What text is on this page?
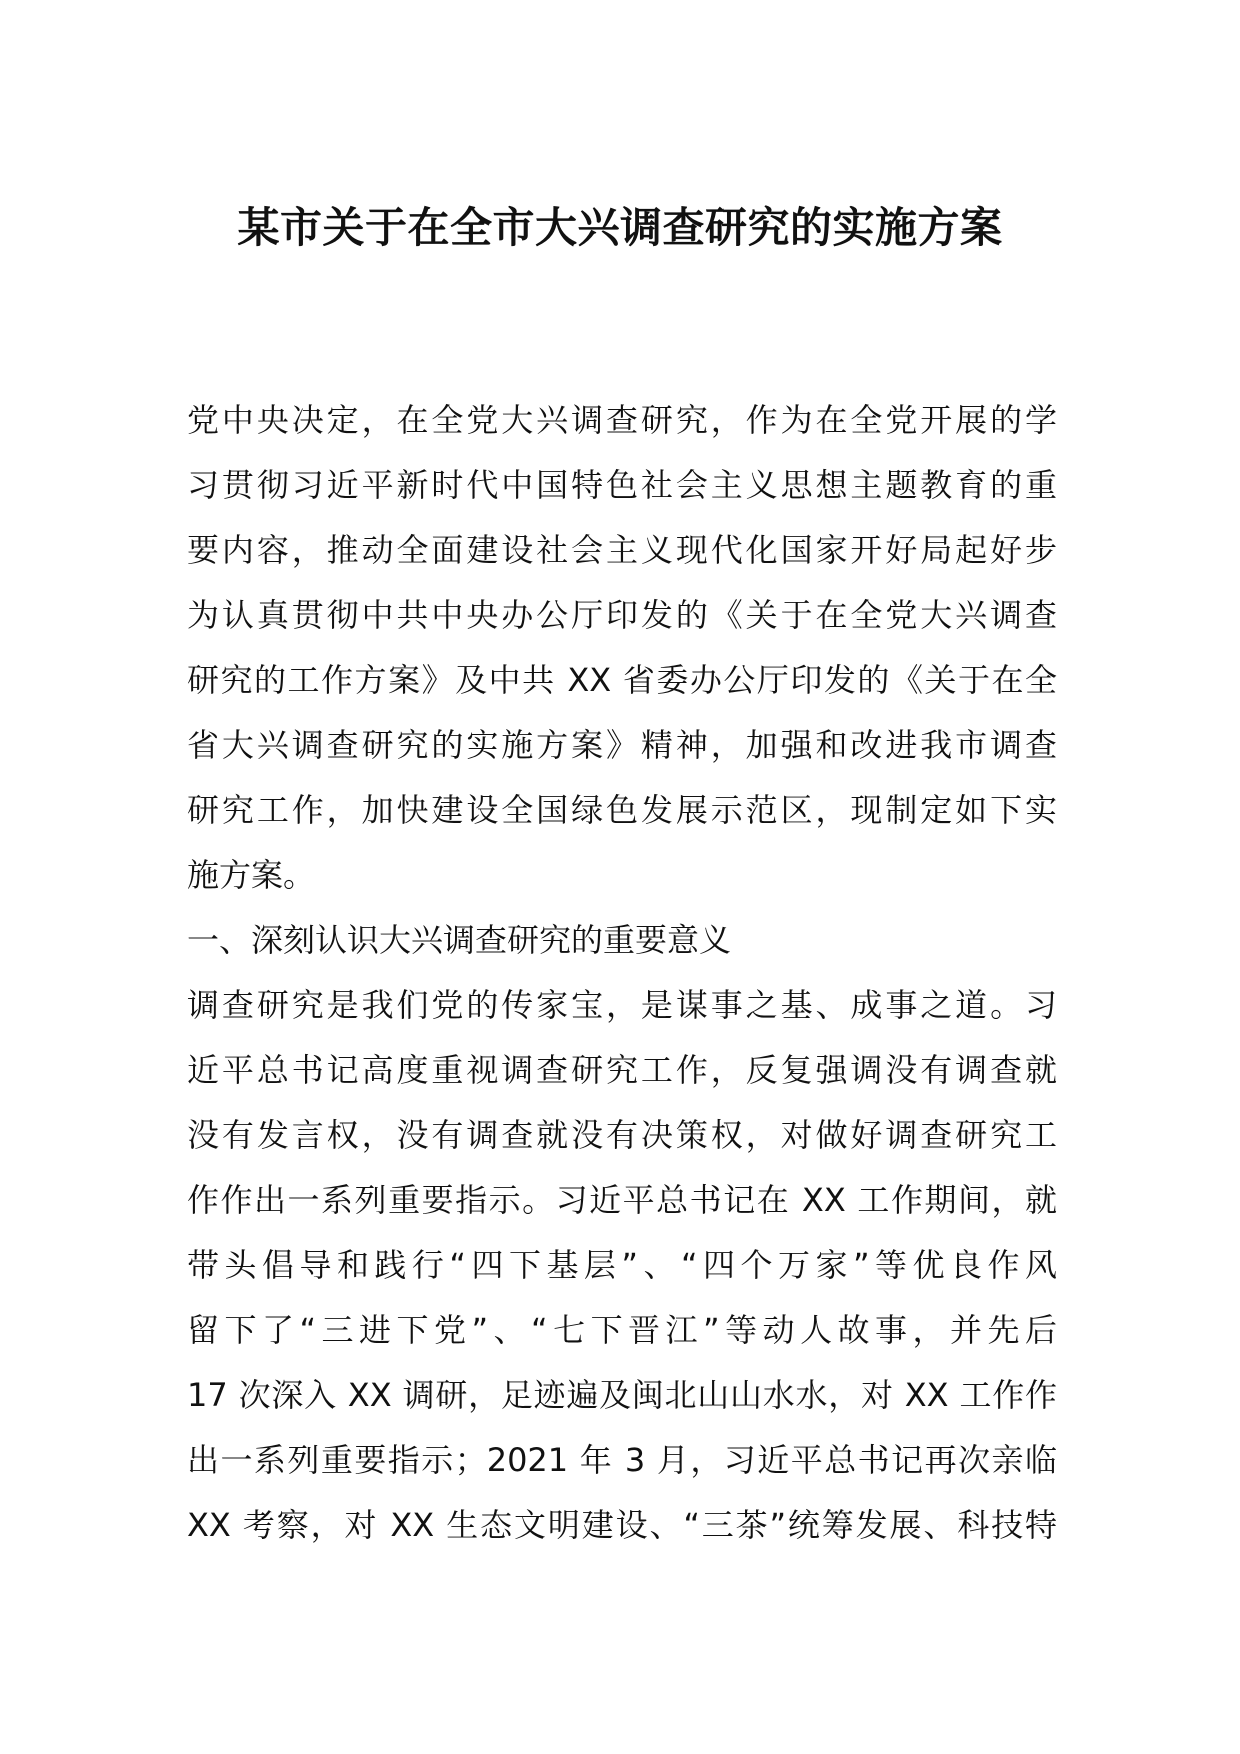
某市关于在全市大兴调查研究的实施方案
党中央决定，在全党大兴调查研究，作为在全党开展的学
习贯彻习近平新时代中国特色社会主义思想主题教育的重
要内容，推动全面建设社会主义现代化国家开好局起好步
为认真贯彻中共中央办公厅印发的《关于在全党大兴调查
研究的工作方案》及中共 XX 省委办公厅印发的《关于在全
省大兴调查研究的实施方案》精神，加强和改进我市调查
研究工作，加快建设全国绿色发展示范区，现制定如下实
施方案。
一、深刻认识大兴调查研究的重要意义
调查研究是我们党的传家宝，是谋事之基、成事之道。习
近平总书记高度重视调查研究工作，反复强调没有调查就
没有发言权，没有调查就没有决策权，对做好调查研究工
作作出一系列重要指示。习近平总书记在 XX 工作期间，就
带头倡导和践行“四下基层”、“四个万家”等优良作风
留下了“三进下党”、“七下晋江”等动人故事，并先后
17 次深入 XX 调研，足迹遍及闽北山山水水，对 XX 工作作
出一系列重要指示；2021 年 3 月，习近平总书记再次亲临
XX 考察，对 XX 生态文明建设、“三茶”统筹发展、科技特
